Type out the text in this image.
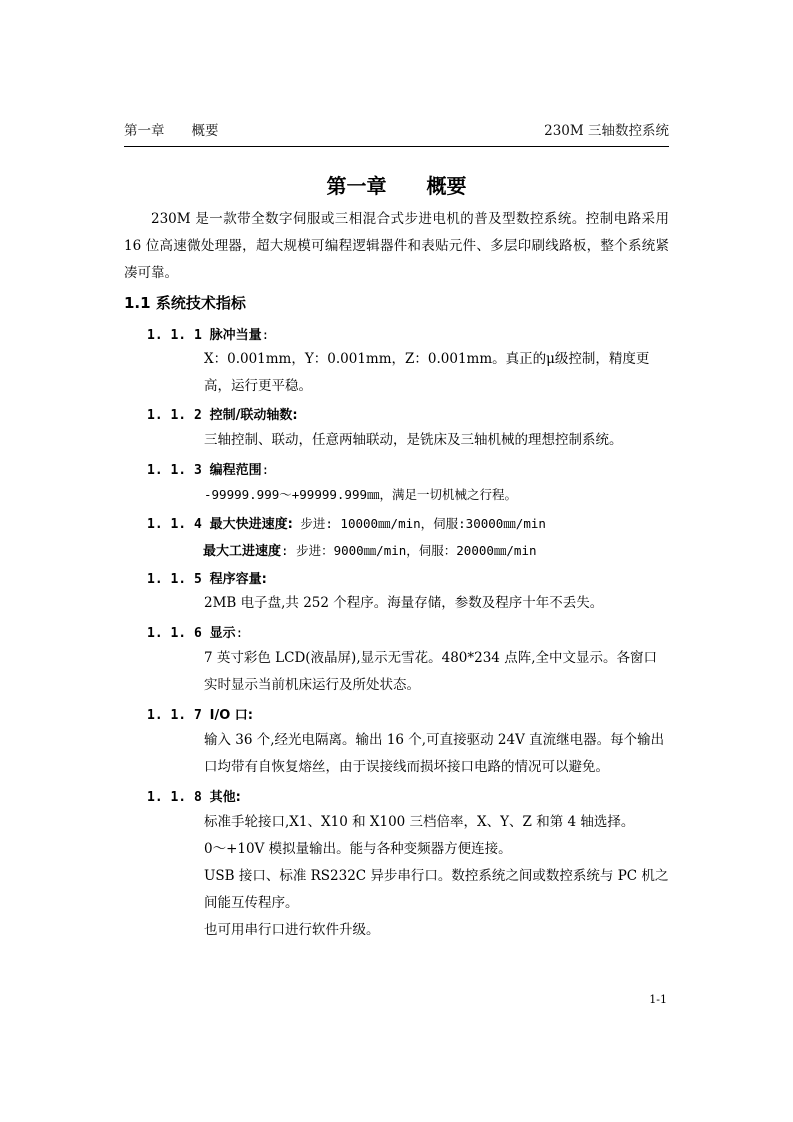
第一章　　概要	230M 三轴数控系统
第一章　　概要
230M 是一款带全数字伺服或三相混合式步进电机的普及型数控系统。控制电路采用 16 位高速微处理器，超大规模可编程逻辑器件和表贴元件、多层印刷线路板，整个系统紧凑可靠。
1.1 系统技术指标
1. 1. 1 脉冲当量:
X：0.001mm，Y：0.001mm，Z：0.001mm。真正的μ级控制，精度更高，运行更平稳。
1. 1. 2 控制/联动轴数:
三轴控制、联动，任意两轴联动，是铣床及三轴机械的理想控制系统。
1. 1. 3 编程范围:
-99999.999～+99999.999㎜，满足一切机械之行程。
1. 1. 4 最大快进速度: 步进: 10000㎜/min，伺服:30000㎜/min
最大工进速度: 步进：9000㎜/min，伺服：20000㎜/min
1. 1. 5 程序容量:
2MB 电子盘,共 252 个程序。海量存储，参数及程序十年不丢失。
1. 1. 6 显示:
7 英寸彩色 LCD(液晶屏),显示无雪花。480*234 点阵,全中文显示。各窗口实时显示当前机床运行及所处状态。
1. 1. 7 I/O 口:
输入 36 个,经光电隔离。输出 16 个,可直接驱动 24V 直流继电器。每个输出口均带有自恢复熔丝，由于误接线而损坏接口电路的情况可以避免。
1. 1. 8 其他:
标准手轮接口,X1、X10 和 X100 三档倍率，X、Y、Z 和第 4 轴选择。
0～+10V 模拟量输出。能与各种变频器方便连接。
USB 接口、标准 RS232C 异步串行口。数控系统之间或数控系统与 PC 机之间能互传程序。
也可用串行口进行软件升级。
1-1
